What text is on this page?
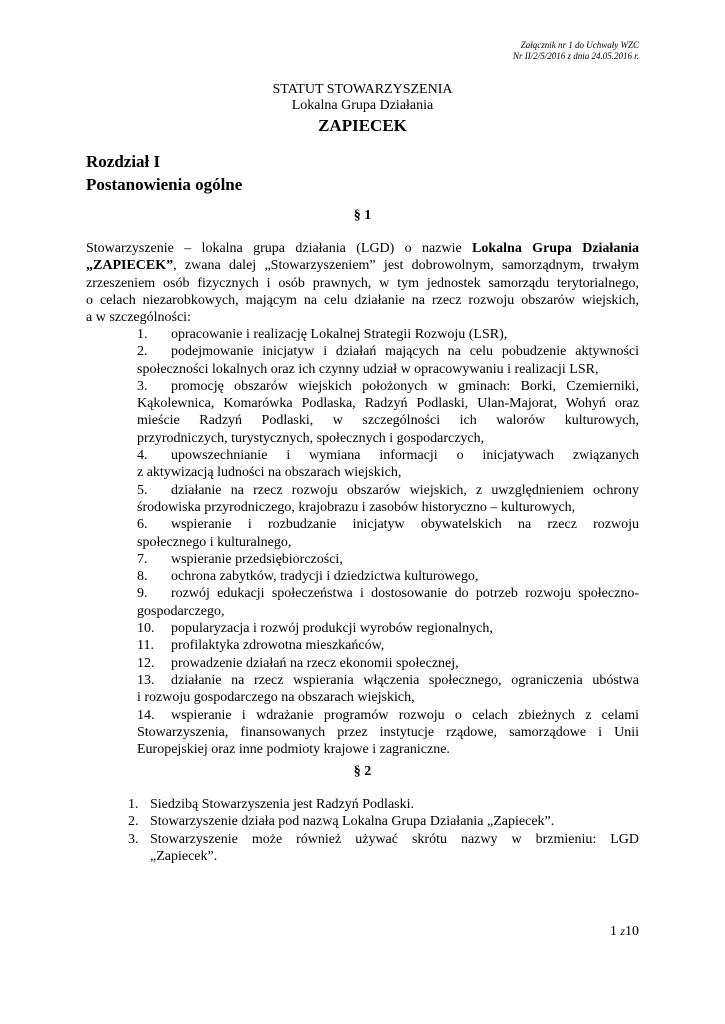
Załącznik nr 1 do Uchwały WZC
Nr II/2/5/2016 z dnia 24.05.2016 r.
STATUT STOWARZYSZENIA
Lokalna Grupa Działania
ZAPIECEK
Rozdział I
Postanowienia ogólne
§ 1
Stowarzyszenie – lokalna grupa działania (LGD) o nazwie Lokalna Grupa Działania
„ZAPIECEK”, zwana dalej „Stowarzyszeniem” jest dobrowolnym, samorządnym, trwałym
zrzeszeniem osób fizycznych i osób prawnych, w tym jednostek samorządu terytorialnego,
o celach niezarobkowych, mającym na celu działanie na rzecz rozwoju obszarów wiejskich,
a w szczególności:
1. opracowanie i realizację Lokalnej Strategii Rozwoju (LSR),
2. podejmowanie inicjatyw i działań mających na celu pobudzenie aktywności
społeczności lokalnych oraz ich czynny udział w opracowywaniu i realizacji LSR,
3. promocję obszarów wiejskich położonych w gminach: Borki, Czemierniki,
Kąkolewnica, Komarówka Podlaska, Radzyń Podlaski, Ulan-Majorat, Wohyń oraz
mieście Radzyń Podlaski, w szczególności ich walorów kulturowych,
przyrodniczych, turystycznych, społecznych i gospodarczych,
4. upowszechnianie i wymiana informacji o inicjatywach związanych
z aktywizacją ludności na obszarach wiejskich,
5. działanie na rzecz rozwoju obszarów wiejskich, z uwzględnieniem ochrony
środowiska przyrodniczego, krajobrazu i zasobów historyczno – kulturowych,
6. wspieranie i rozbudzanie inicjatyw obywatelskich na rzecz rozwoju
społecznego i kulturalnego,
7. wspieranie przedsiębiorczości,
8. ochrona zabytków, tradycji i dziedzictwa kulturowego,
9. rozwój edukacji społeczeństwa i dostosowanie do potrzeb rozwoju społeczno-
gospodarczego,
10. popularyzacja i rozwój produkcji wyrobów regionalnych,
11. profilaktyka zdrowotna mieszkańców,
12. prowadzenie działań na rzecz ekonomii społecznej,
13. działanie na rzecz wspierania włączenia społecznego, ograniczenia ubóstwa
i rozwoju gospodarczego na obszarach wiejskich,
14. wspieranie i wdrażanie programów rozwoju o celach zbieżnych z celami
Stowarzyszenia, finansowanych przez instytucje rządowe, samorządowe i Unii
Europejskiej oraz inne podmioty krajowe i zagraniczne.
§ 2
1. Siedzibą Stowarzyszenia jest Radzyń Podlaski.
2. Stowarzyszenie działa pod nazwą Lokalna Grupa Działania „Zapiecek”.
3. Stowarzyszenie może również używać skrótu nazwy w brzmieniu: LGD
„Zapiecek”.
1 z10
